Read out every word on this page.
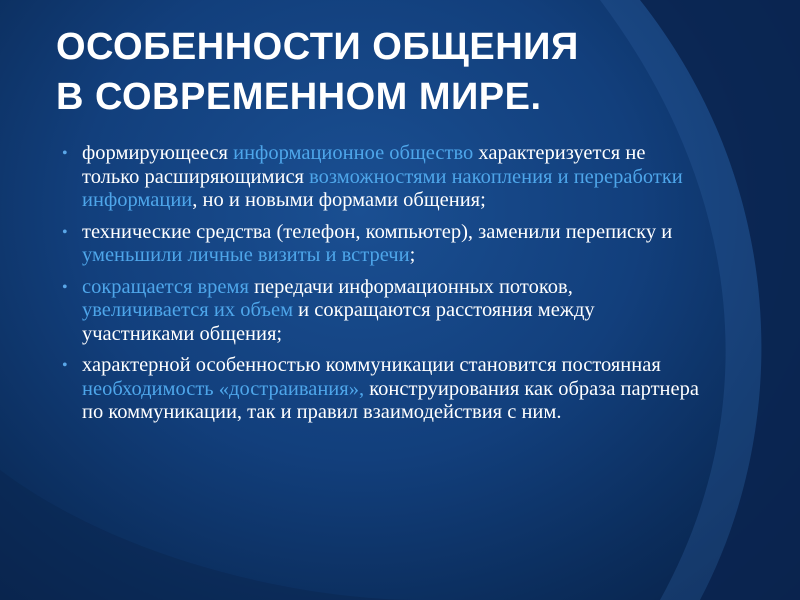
ОСОБЕННОСТИ ОБЩЕНИЯ
В СОВРЕМЕННОМ МИРЕ.
• формирующееся информационное общество характеризуется не только расширяющимися возможностями накопления и переработки информации, но и новыми формами общения;
• технические средства (телефон, компьютер), заменили переписку и уменьшили личные визиты и встречи;
• сокращается время передачи информационных потоков, увеличивается их объем и сокращаются расстояния между участниками общения;
• характерной особенностью коммуникации становится постоянная необходимость «достраивания», конструирования как образа партнера по коммуникации, так и правил взаимодействия с ним.
